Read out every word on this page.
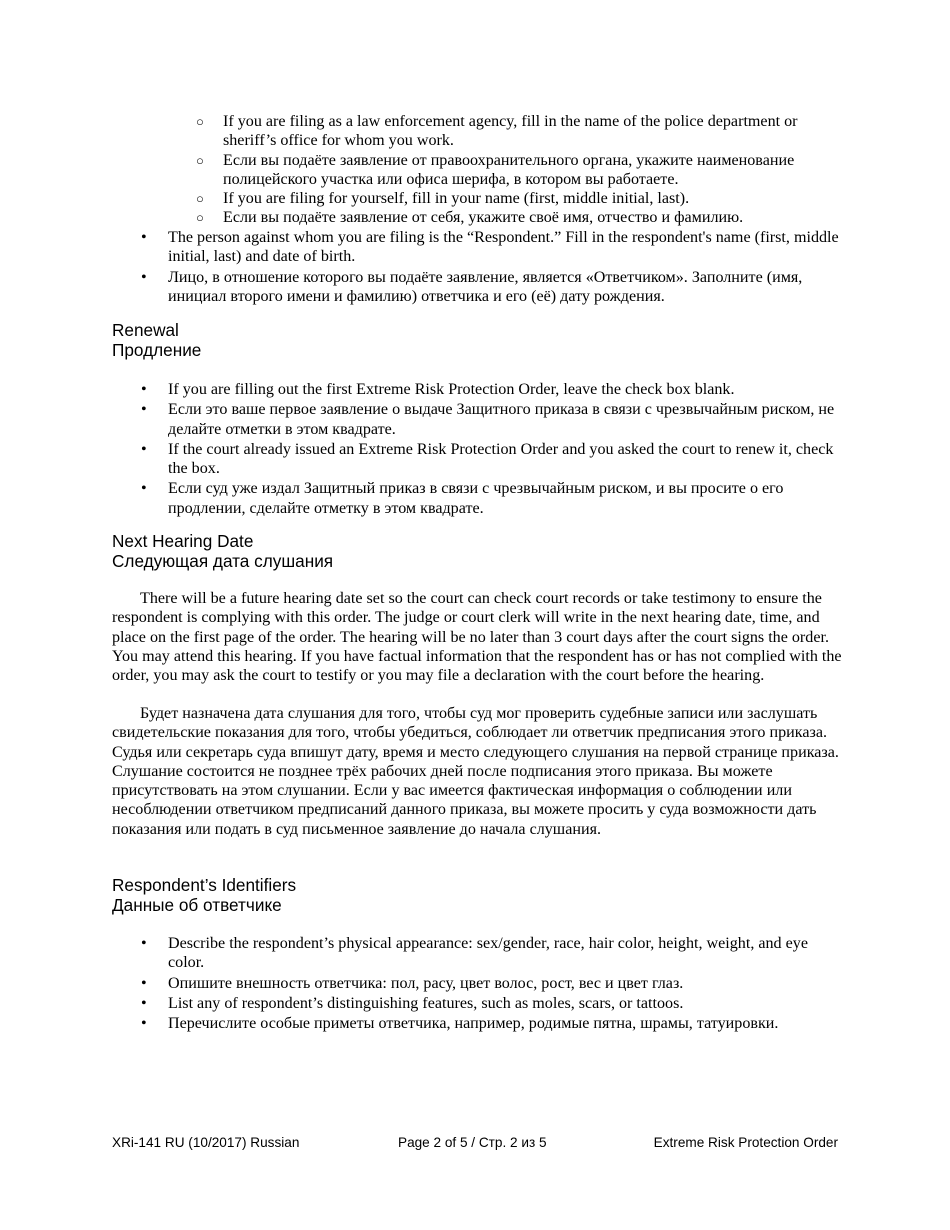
○ If you are filing as a law enforcement agency, fill in the name of the police department or sheriff’s office for whom you work.
○ Если вы подаёте заявление от правоохранительного органа, укажите наименование полицейского участка или офиса шерифа, в котором вы работаете.
○ If you are filing for yourself, fill in your name (first, middle initial, last).
○ Если вы подаёте заявление от себя, укажите своё имя, отчество и фамилию.
• The person against whom you are filing is the “Respondent.” Fill in the respondent's name (first, middle initial, last) and date of birth.
• Лицо, в отношение которого вы подаёте заявление, является «Ответчиком». Заполните (имя, инициал второго имени и фамилию) ответчика и его (её) дату рождения.
Renewal
Продление
• If you are filling out the first Extreme Risk Protection Order, leave the check box blank.
• Если это ваше первое заявление о выдаче Защитного приказа в связи с чрезвычайным риском, не делайте отметки в этом квадрате.
• If the court already issued an Extreme Risk Protection Order and you asked the court to renew it, check the box.
• Если суд уже издал Защитный приказ в связи с чрезвычайным риском, и вы просите о его продлении, сделайте отметку в этом квадрате.
Next Hearing Date
Следующая дата слушания

There will be a future hearing date set so the court can check court records or take testimony to ensure the respondent is complying with this order. The judge or court clerk will write in the next hearing date, time, and place on the first page of the order. The hearing will be no later than 3 court days after the court signs the order. You may attend this hearing. If you have factual information that the respondent has or has not complied with the order, you may ask the court to testify or you may file a declaration with the court before the hearing.

Будет назначена дата слушания для того, чтобы суд мог проверить судебные записи или заслушать свидетельские показания для того, чтобы убедиться, соблюдает ли ответчик предписания этого приказа. Судья или секретарь суда впишут дату, время и место следующего слушания на первой странице приказа. Слушание состоится не позднее трёх рабочих дней после подписания этого приказа. Вы можете присутствовать на этом слушании. Если у вас имеется фактическая информация о соблюдении или несоблюдении ответчиком предписаний данного приказа, вы можете просить у суда возможности дать показания или подать в суд письменное заявление до начала слушания.

Respondent’s Identifiers
Данные об ответчике
• Describe the respondent’s physical appearance: sex/gender, race, hair color, height, weight, and eye color.
• Опишите внешность ответчика: пол, расу, цвет волос, рост, вес и цвет глаз.
• List any of respondent’s distinguishing features, such as moles, scars, or tattoos.
• Перечислите особые приметы ответчика, например, родимые пятна, шрамы, татуировки.
XRi-141 RU (10/2017) Russian	Page 2 of 5 / Стр. 2 из 5	Extreme Risk Protection Order
